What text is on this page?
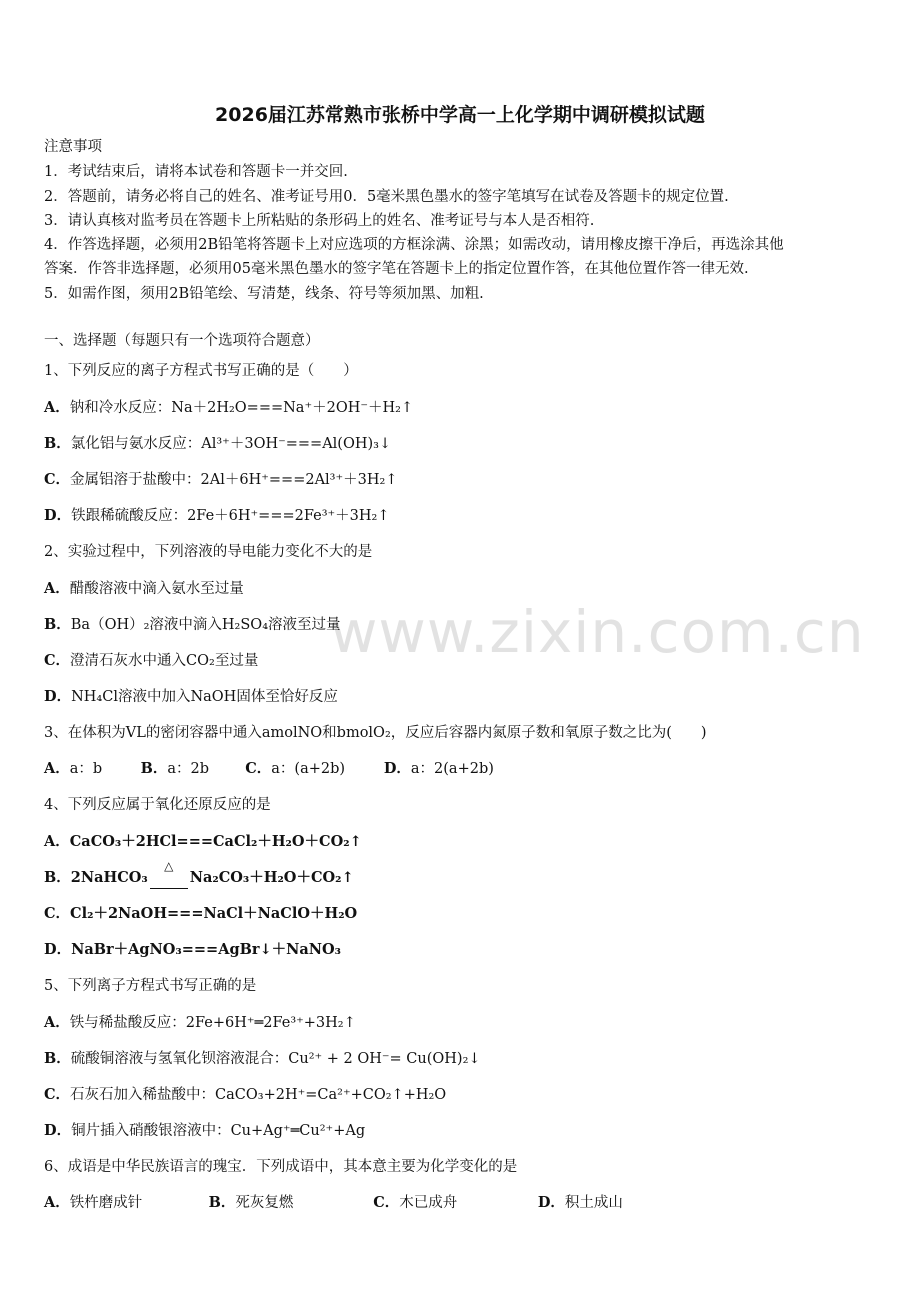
www.zixin.com.cn
2026届江苏常熟市张桥中学高一上化学期中调研模拟试题
注意事项
1．考试结束后，请将本试卷和答题卡一并交回.
2．答题前，请务必将自己的姓名、准考证号用0．5毫米黑色墨水的签字笔填写在试卷及答题卡的规定位置.
3．请认真核对监考员在答题卡上所粘贴的条形码上的姓名、准考证号与本人是否相符.
4．作答选择题，必须用2B铅笔将答题卡上对应选项的方框涂满、涂黑；如需改动，请用橡皮擦干净后，再选涂其他
答案．作答非选择题，必须用05毫米黑色墨水的签字笔在答题卡上的指定位置作答，在其他位置作答一律无效.
5．如需作图，须用2B铅笔绘、写清楚，线条、符号等须加黑、加粗.
一、选择题（每题只有一个选项符合题意）
1、下列反应的离子方程式书写正确的是（　　）
A．钠和冷水反应：Na＋2H₂O===Na⁺＋2OH⁻＋H₂↑
B．氯化铝与氨水反应：Al³⁺＋3OH⁻===Al(OH)₃↓
C．金属铝溶于盐酸中：2Al＋6H⁺===2Al³⁺＋3H₂↑
D．铁跟稀硫酸反应：2Fe＋6H⁺===2Fe³⁺＋3H₂↑
2、实验过程中，下列溶液的导电能力变化不大的是
A．醋酸溶液中滴入氨水至过量
B．Ba（OH）₂溶液中滴入H₂SO₄溶液至过量
C．澄清石灰水中通入CO₂至过量
D．NH₄Cl溶液中加入NaOH固体至恰好反应
3、在体积为VL的密闭容器中通入amolNO和bmolO₂，反应后容器内氮原子数和氧原子数之比为(　　)
A．a：b	B．a：2b C．a：(a+2b)	D．a：2(a+2b)
4、下列反应属于氧化还原反应的是
A．CaCO₃＋2HCl===CaCl₂＋H₂O＋CO₂↑
B．2NaHCO₃
△
Na₂CO₃＋H₂O＋CO₂↑
C．Cl₂＋2NaOH===NaCl＋NaClO＋H₂O
D．NaBr＋AgNO₃===AgBr↓＋NaNO₃
5、下列离子方程式书写正确的是
A．铁与稀盐酸反应：2Fe+6H⁺═2Fe³⁺+3H₂↑
B．硫酸铜溶液与氢氧化钡溶液混合：Cu²⁺ + 2 OH⁻= Cu(OH)₂↓
C．石灰石加入稀盐酸中：CaCO₃+2H⁺=Ca²⁺+CO₂↑+H₂O
D．铜片插入硝酸银溶液中：Cu+Ag⁺═Cu²⁺+Ag
6、成语是中华民族语言的瑰宝．下列成语中，其本意主要为化学变化的是
A．铁杵磨成针	B．死灰复燃	C．木已成舟	D．积土成山
